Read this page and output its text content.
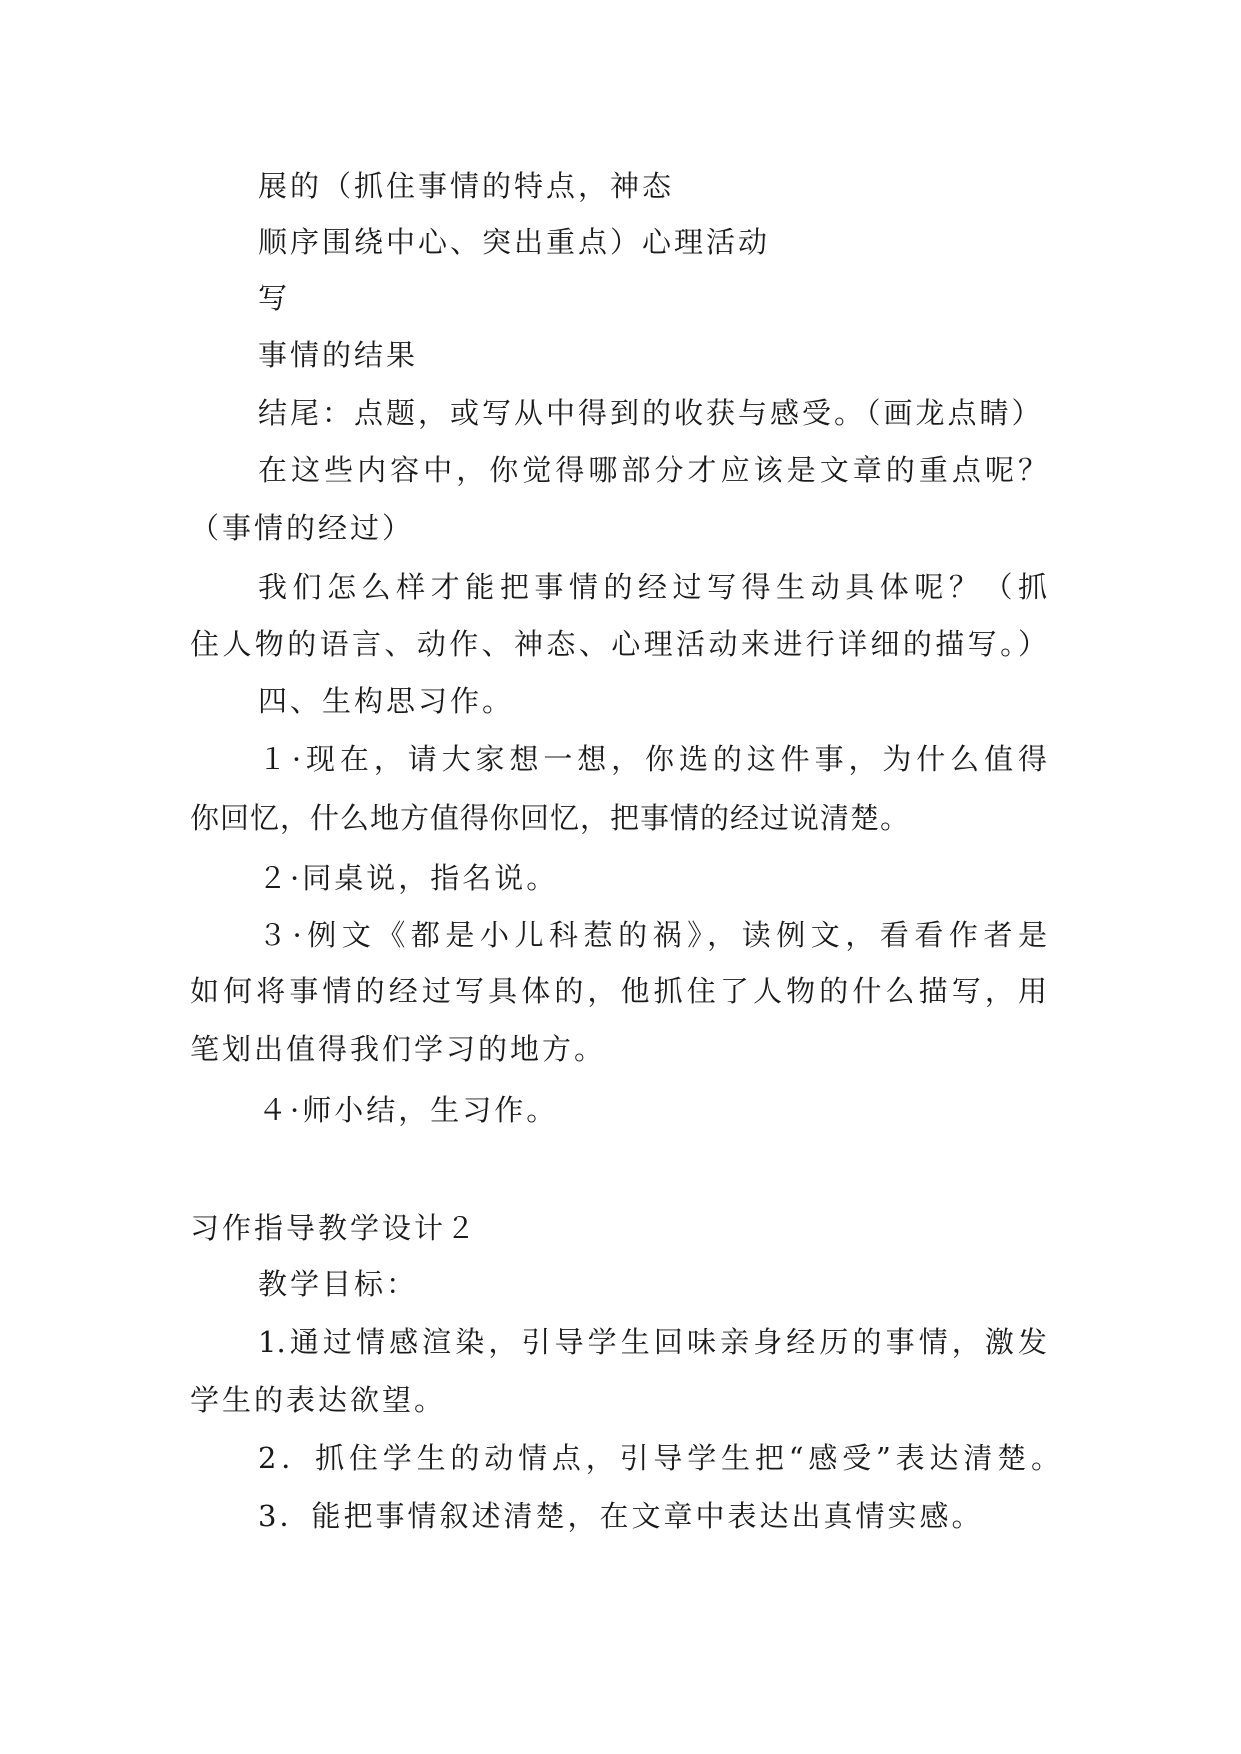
展的（抓住事情的特点，神态
顺序围绕中心、突出重点）心理活动
写
事情的结果
结尾：点题，或写从中得到的收获与感受。（画龙点睛）
在这些内容中，你觉得哪部分才应该是文章的重点呢？
（事情的经过）
我们怎么样才能把事情的经过写得生动具体呢？（抓
住人物的语言、动作、神态、心理活动来进行详细的描写。）
四、生构思习作。
１·现在，请大家想一想，你选的这件事，为什么值得
你回忆，什么地方值得你回忆，把事情的经过说清楚。
２·同桌说，指名说。
３·例文《都是小儿科惹的祸》，读例文，看看作者是
如何将事情的经过写具体的，他抓住了人物的什么描写，用
笔划出值得我们学习的地方。
４·师小结，生习作。
习作指导教学设计２
教学目标：
1.通过情感渲染，引导学生回味亲身经历的事情，激发
学生的表达欲望。
2．抓住学生的动情点，引导学生把“感受”表达清楚。
3．能把事情叙述清楚，在文章中表达出真情实感。
